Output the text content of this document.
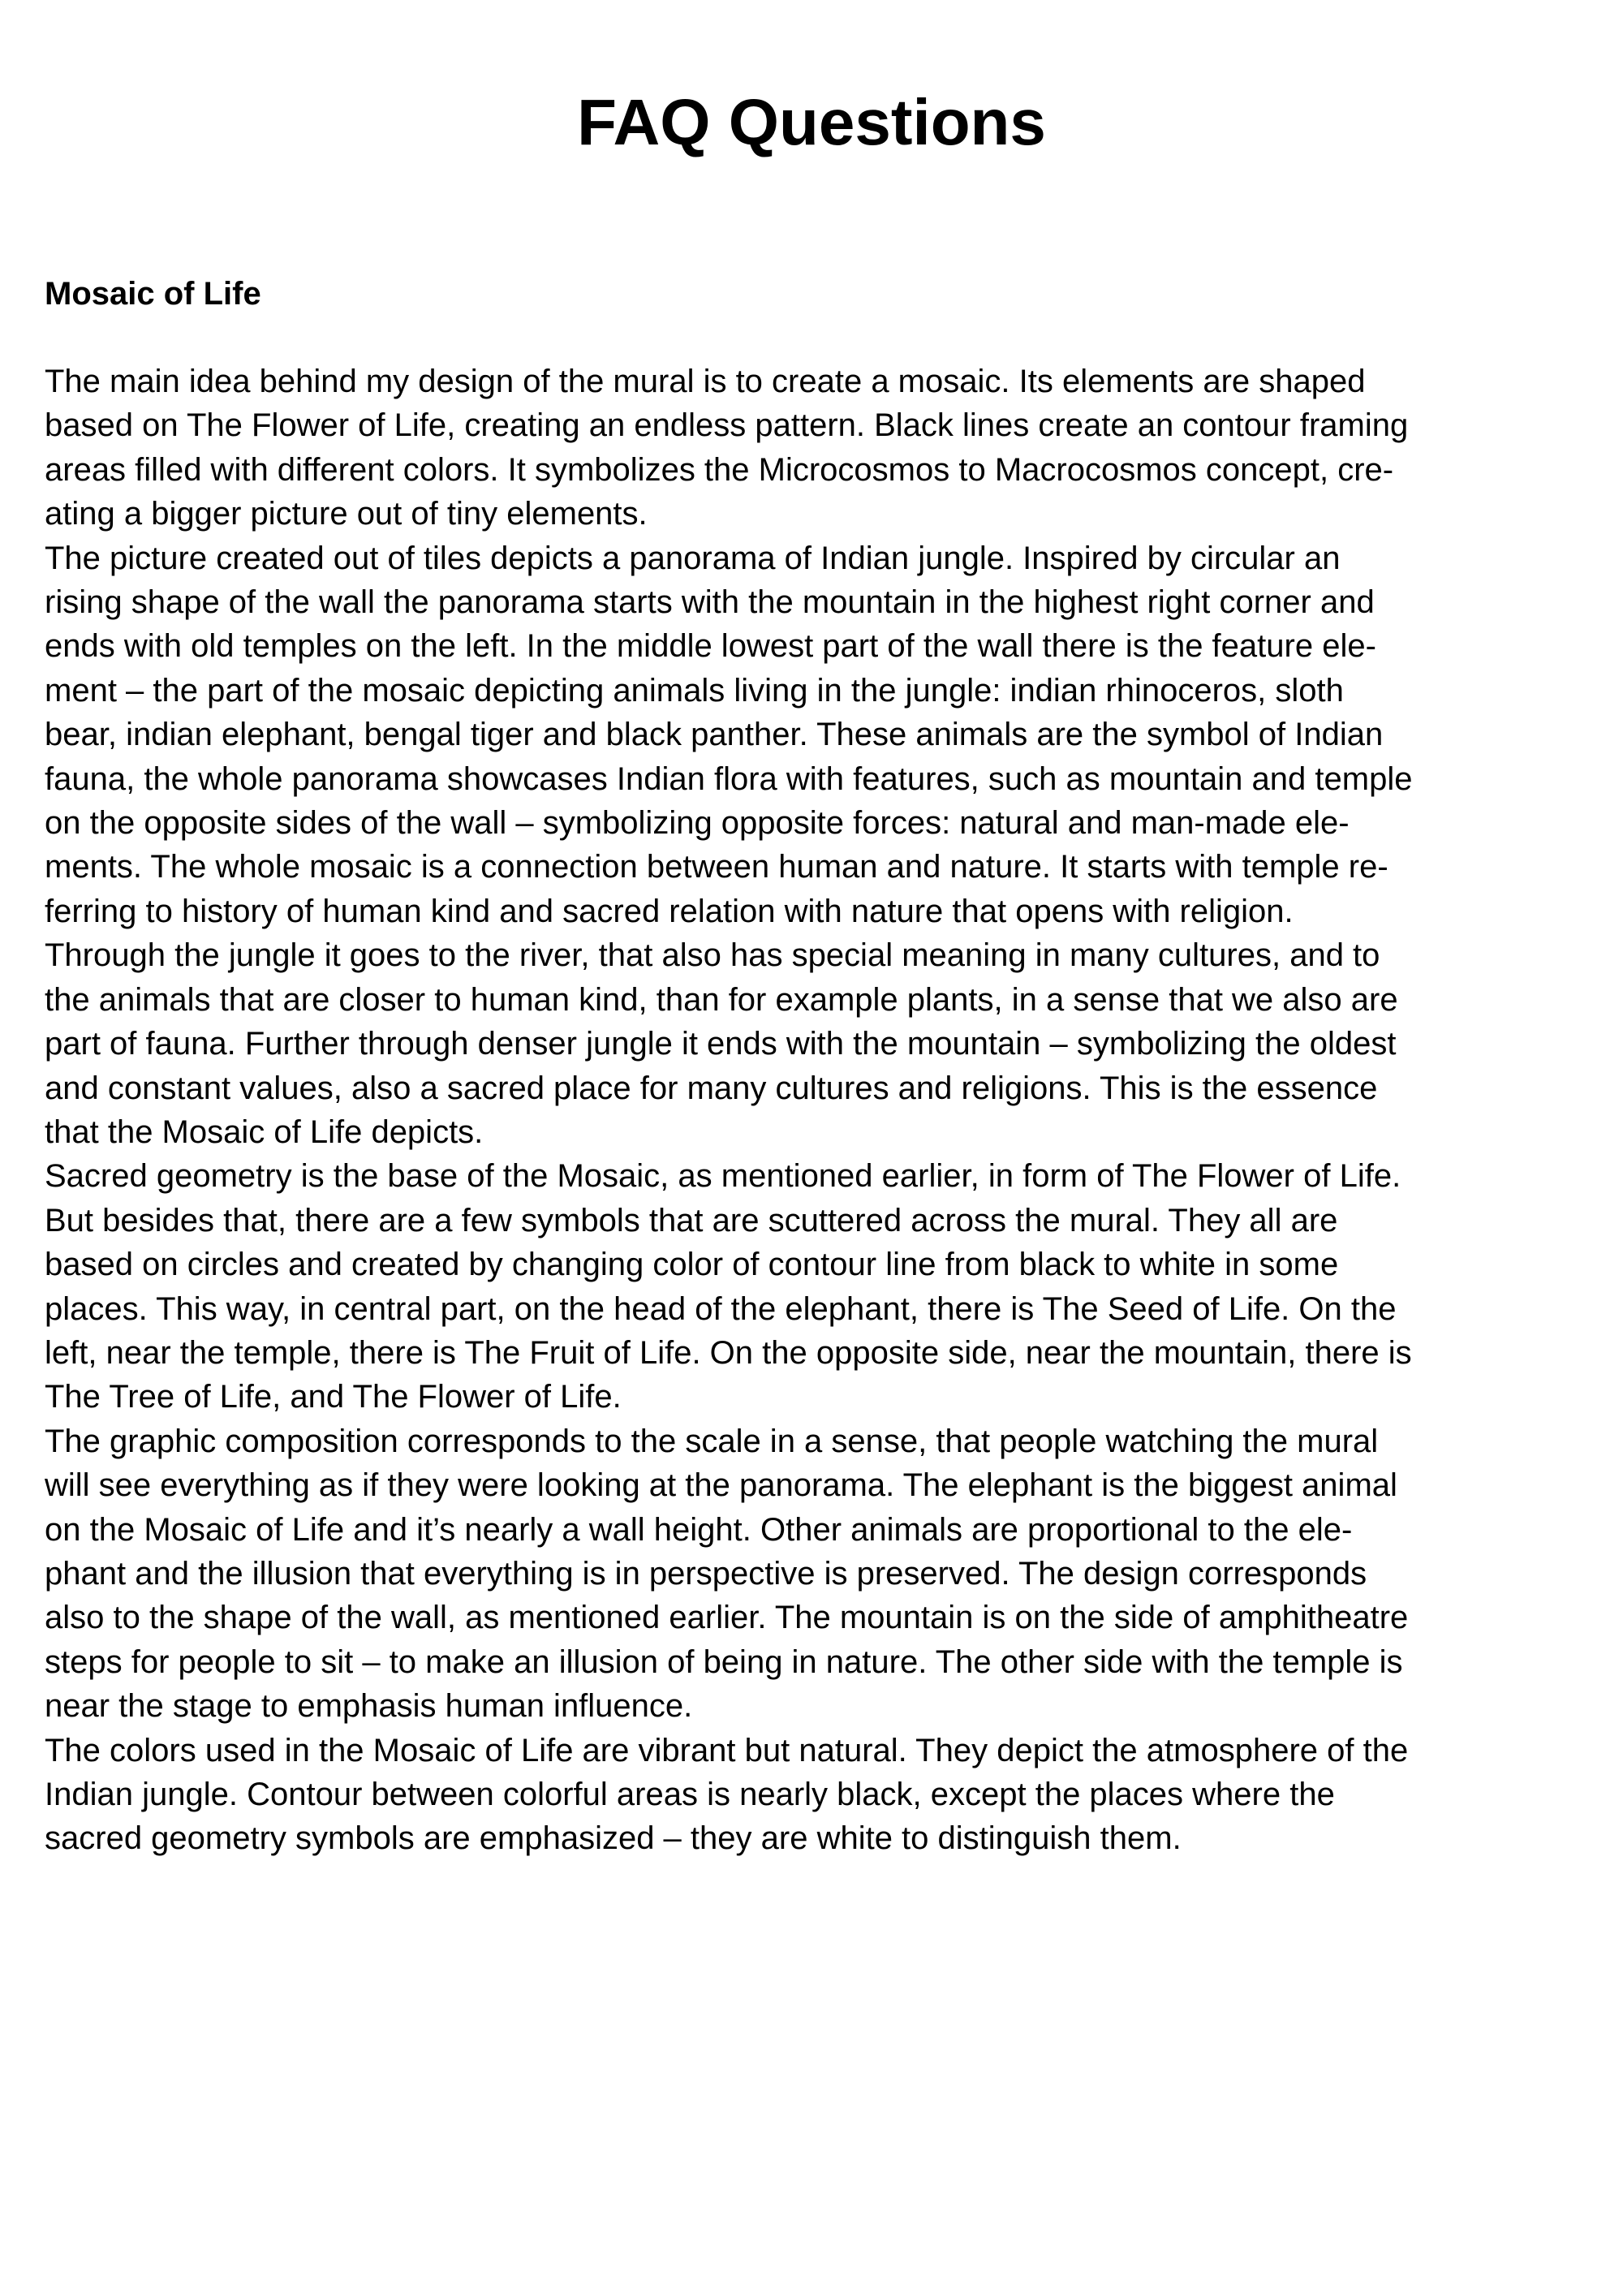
FAQ Questions
Mosaic of Life
The main idea behind my design of the mural is to create a mosaic. Its elements are shaped
based on The Flower of Life, creating an endless pattern. Black lines create an contour framing
areas filled with different colors. It symbolizes the Microcosmos to Macrocosmos concept, cre-
ating a bigger picture out of tiny elements.
The picture created out of tiles depicts a panorama of Indian jungle. Inspired by circular an
rising shape of the wall the panorama starts with the mountain in the highest right corner and
ends with old temples on the left. In the middle lowest part of the wall there is the feature ele-
ment – the part of the mosaic depicting animals living in the jungle: indian rhinoceros, sloth
bear, indian elephant, bengal tiger and black panther. These animals are the symbol of Indian
fauna, the whole panorama showcases Indian flora with features, such as mountain and temple
on the opposite sides of the wall – symbolizing opposite forces: natural and man-made ele-
ments. The whole mosaic is a connection between human and nature. It starts with temple re-
ferring to history of human kind and sacred relation with nature that opens with religion.
Through the jungle it goes to the river, that also has special meaning in many cultures, and to
the animals that are closer to human kind, than for example plants, in a sense that we also are
part of fauna. Further through denser jungle it ends with the mountain – symbolizing the oldest
and constant values, also a sacred place for many cultures and religions. This is the essence
that the Mosaic of Life depicts.
Sacred geometry is the base of the Mosaic, as mentioned earlier, in form of The Flower of Life.
But besides that, there are a few symbols that are scuttered across the mural. They all are
based on circles and created by changing color of contour line from black to white in some
places. This way, in central part, on the head of the elephant, there is The Seed of Life. On the
left, near the temple, there is The Fruit of Life. On the opposite side, near the mountain, there is
The Tree of Life, and The Flower of Life.
The graphic composition corresponds to the scale in a sense, that people watching the mural
will see everything as if they were looking at the panorama. The elephant is the biggest animal
on the Mosaic of Life and it’s nearly a wall height. Other animals are proportional to the ele-
phant and the illusion that everything is in perspective is preserved. The design corresponds
also to the shape of the wall, as mentioned earlier. The mountain is on the side of amphitheatre
steps for people to sit – to make an illusion of being in nature. The other side with the temple is
near the stage to emphasis human influence.
The colors used in the Mosaic of Life are vibrant but natural. They depict the atmosphere of the
Indian jungle. Contour between colorful areas is nearly black, except the places where the
sacred geometry symbols are emphasized – they are white to distinguish them.
